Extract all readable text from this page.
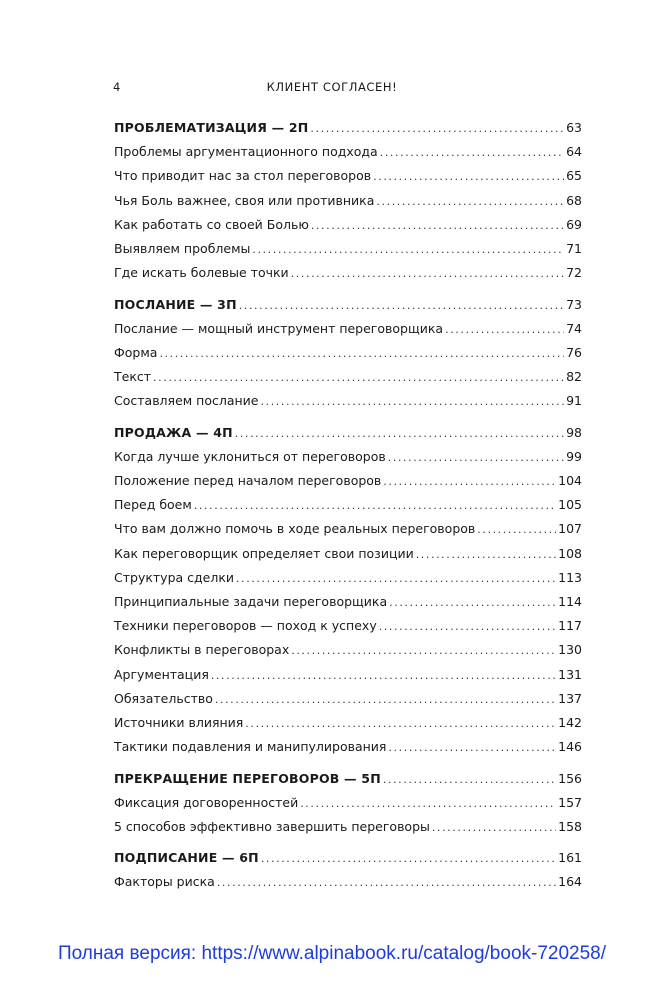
4	КЛИЕНТ СОГЛАСЕН!
ПРОБЛЕМАТИЗАЦИЯ — 2П .....	63
Проблемы аргументационного подхода .....	64
Что приводит нас за стол переговоров .....	65
Чья Боль важнее, своя или противника .....	68
Как работать со своей Болью .....	69
Выявляем проблемы .....	71
Где искать болевые точки .....	72
ПОСЛАНИЕ — 3П .....	73
Послание — мощный инструмент переговорщика .....	74
Форма .....	76
Текст .....	82
Составляем послание .....	91
ПРОДАЖА — 4П .....	98
Когда лучше уклониться от переговоров .....	99
Положение перед началом переговоров .....	104
Перед боем .....	105
Что вам должно помочь в ходе реальных переговоров .....	107
Как переговорщик определяет свои позиции .....	108
Структура сделки .....	113
Принципиальные задачи переговорщика .....	114
Техники переговоров — поход к успеху .....	117
Конфликты в переговорах .....	130
Аргументация .....	131
Обязательство .....	137
Источники влияния .....	142
Тактики подавления и манипулирования .....	146
ПРЕКРАЩЕНИЕ ПЕРЕГОВОРОВ — 5П .....	156
Фиксация договоренностей .....	157
5 способов эффективно завершить переговоры .....	158
ПОДПИСАНИЕ — 6П .....	161
Факторы риска .....	164
Полная версия: https://www.alpinabook.ru/catalog/book-720258/
